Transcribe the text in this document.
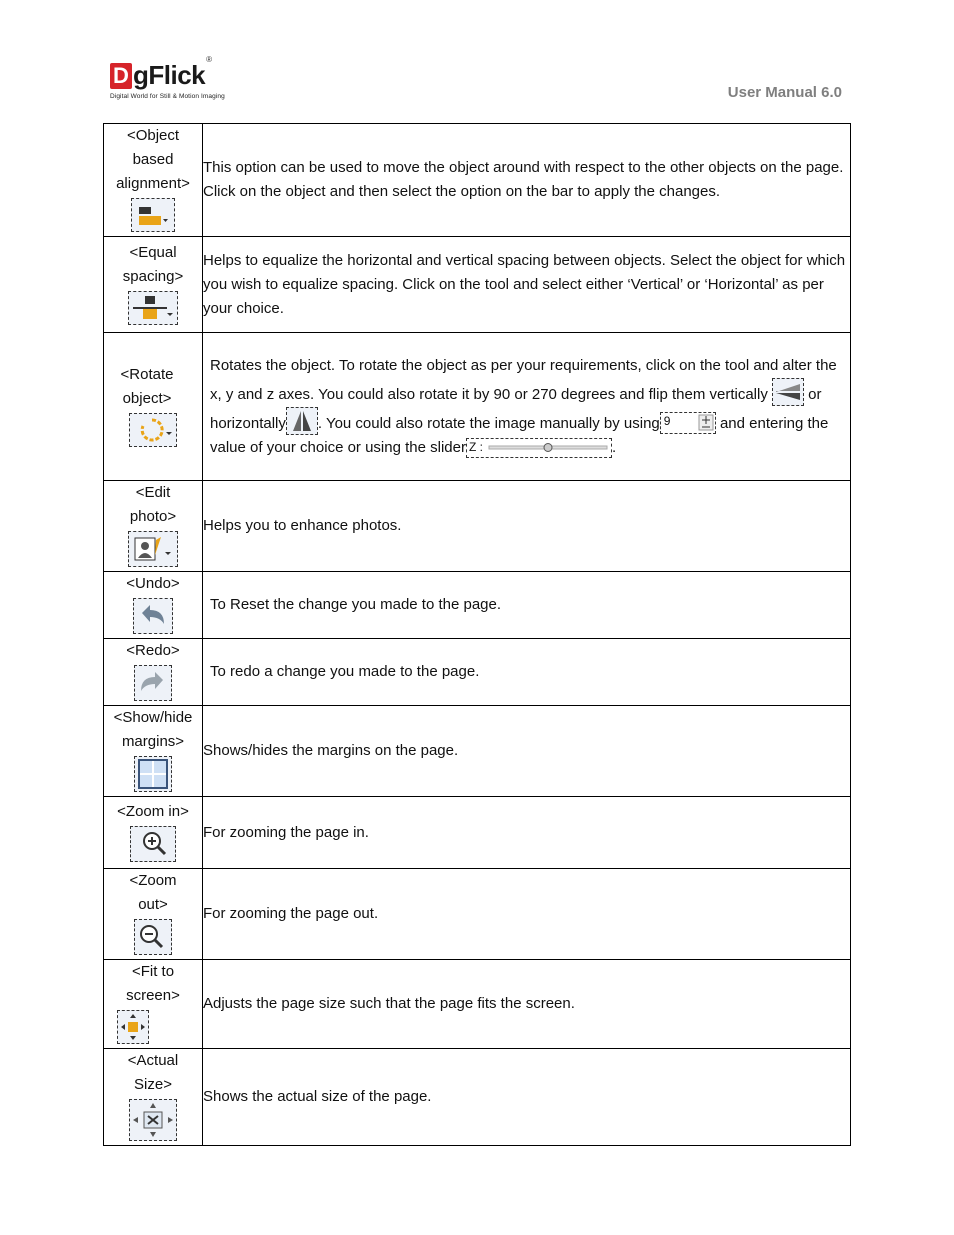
D gFlick
®
Digital World for Still & Motion Imaging	User Manual 6.0
<Object based alignment>	This option can be used to move the object around with respect to the other objects on the page. Click on the object and then select the option on the bar to apply the changes.

<Equal spacing>	Helps to equalize the horizontal and vertical spacing between objects. Select the object for which you wish to equalize spacing. Click on the tool and select either ‘Vertical’ or ‘Horizontal’ as per your choice.

<Rotate object>	Rotates the object. To rotate the object as per your requirements, click on the tool and alter the x, y and z axes. You could also rotate it by 90 or 270 degrees and flip them vertically or horizontally . You could also rotate the image manually by using 9 and entering the value of your choice or using the slider Z : .

<Edit photo>	Helps you to enhance photos.

<Undo>	To Reset the change you made to the page.

<Redo>	To redo a change you made to the page.

<Show/hide margins>	Shows/hides the margins on the page.

<Zoom in>	For zooming the page in.

<Zoom out>	For zooming the page out.

<Fit to screen>	Adjusts the page size such that the page fits the screen.

<Actual Size>	Shows the actual size of the page.
